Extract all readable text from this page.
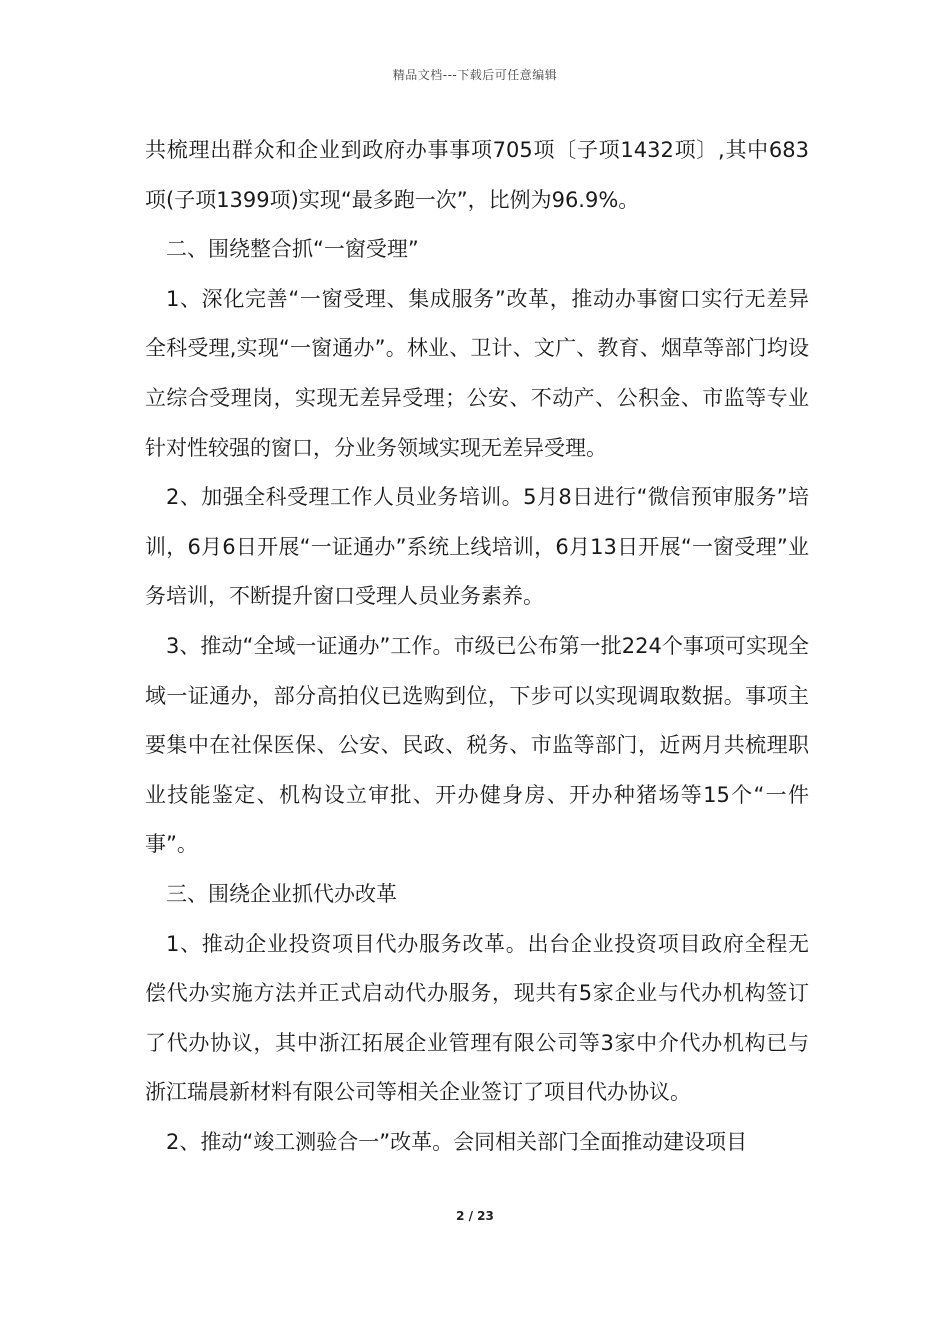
精品文档---下载后可任意编辑

共梳理出群众和企业到政府办事事项705项〔子项1432项〕,其中683项(子项1399项)实现“最多跑一次”，比例为96.9%。

二、围绕整合抓“一窗受理”

1、深化完善“一窗受理、集成服务”改革，推动办事窗口实行无差异全科受理,实现“一窗通办”。林业、卫计、文广、教育、烟草等部门均设立综合受理岗，实现无差异受理；公安、不动产、公积金、市监等专业针对性较强的窗口，分业务领域实现无差异受理。

2、加强全科受理工作人员业务培训。5月8日进行“微信预审服务”培训，6月6日开展“一证通办”系统上线培训，6月13日开展“一窗受理”业务培训，不断提升窗口受理人员业务素养。

3、推动“全域一证通办”工作。市级已公布第一批224个事项可实现全域一证通办，部分高拍仪已选购到位，下步可以实现调取数据。事项主要集中在社保医保、公安、民政、税务、市监等部门，近两月共梳理职业技能鉴定、机构设立审批、开办健身房、开办种猪场等15个“一件事”。

三、围绕企业抓代办改革

1、推动企业投资项目代办服务改革。出台企业投资项目政府全程无偿代办实施方法并正式启动代办服务，现共有5家企业与代办机构签订了代办协议，其中浙江拓展企业管理有限公司等3家中介代办机构已与浙江瑞晨新材料有限公司等相关企业签订了项目代办协议。

2、推动“竣工测验合一”改革。会同相关部门全面推动建设项目

2 / 23
